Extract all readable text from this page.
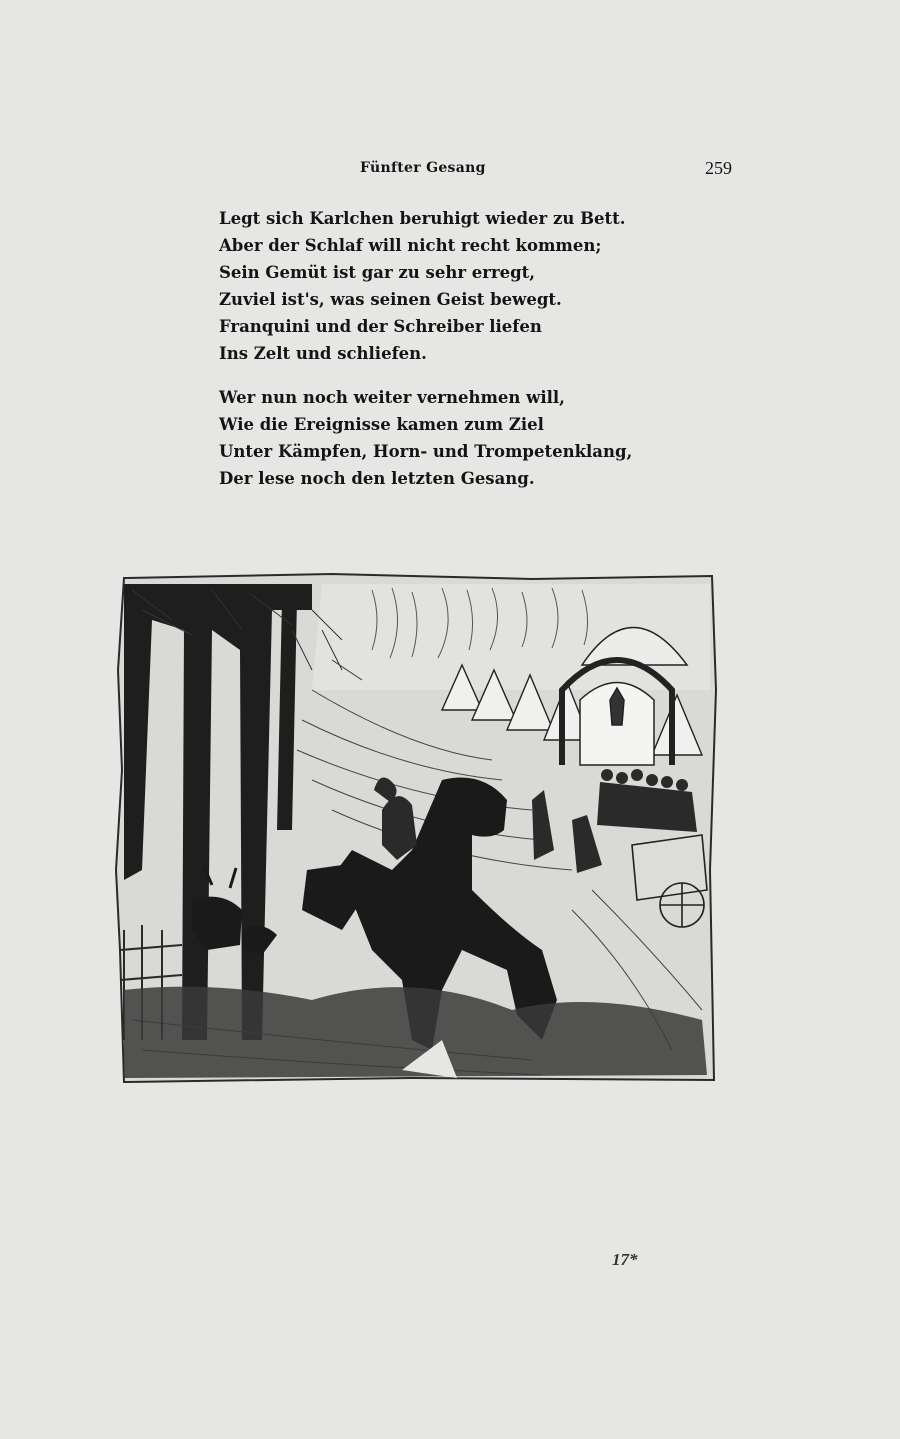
Fünfter Gesang	259
Legt sich Karlchen beruhigt wieder zu Bett.
Aber der Schlaf will nicht recht kommen;
Sein Gemüt ist gar zu sehr erregt,
Zuviel ist's, was seinen Geist bewegt.
Franquini und der Schreiber liefen
Ins Zelt und schliefen.
Wer nun noch weiter vernehmen will,
Wie die Ereignisse kamen zum Ziel
Unter Kämpfen, Horn- und Trompetenklang,
Der lese noch den letzten Gesang.
17*
